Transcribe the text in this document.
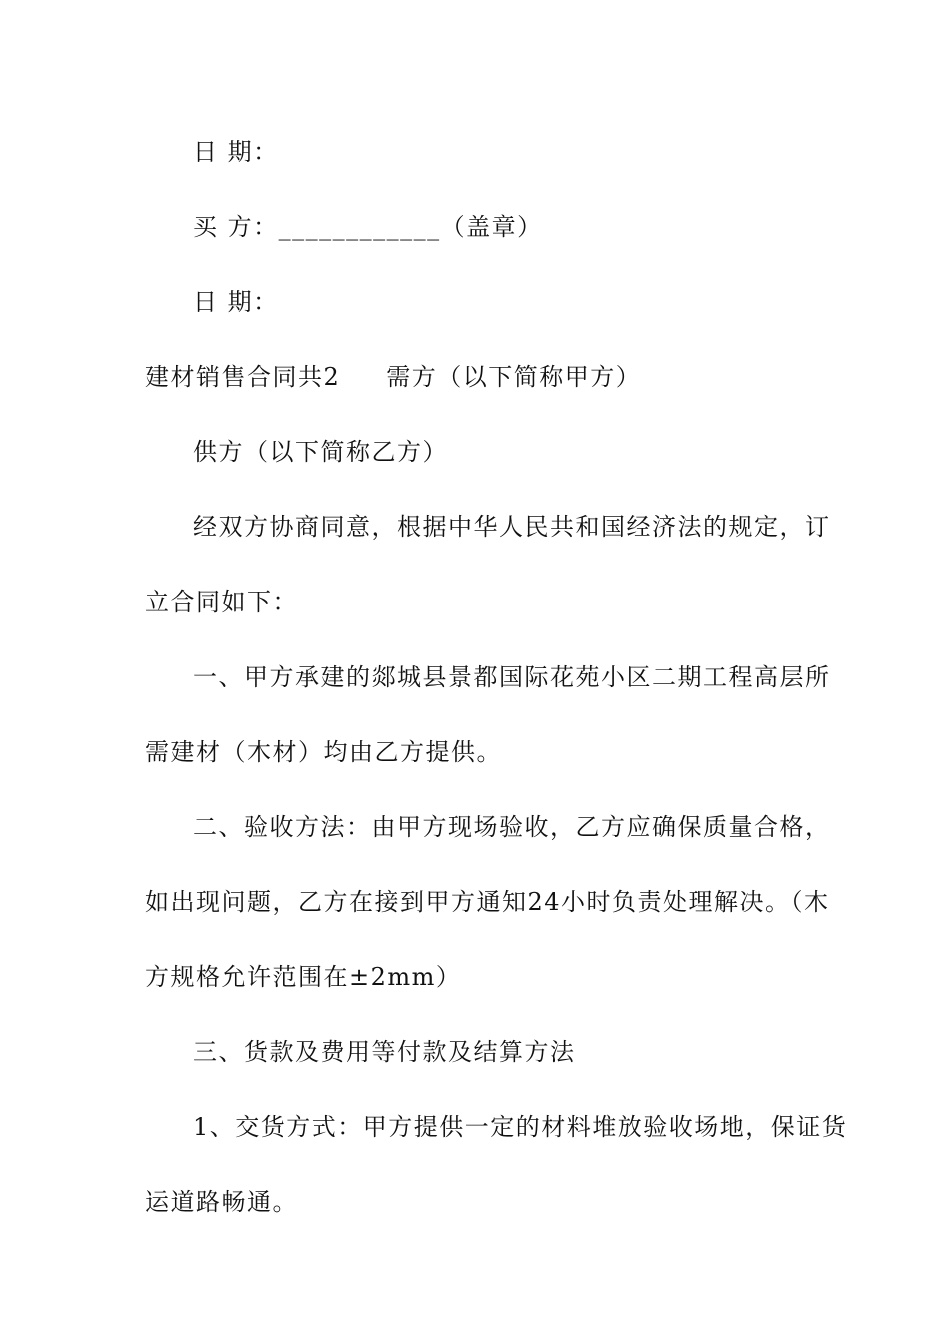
日 期：
买 方：____________（盖章）
日 期：
建材销售合同共2 需方（以下简称甲方）
供方（以下简称乙方）
经双方协商同意，根据中华人民共和国经济法的规定，订
立合同如下：
一、甲方承建的郯城县景都国际花苑小区二期工程高层所
需建材（木材）均由乙方提供。
二、验收方法：由甲方现场验收，乙方应确保质量合格，
如出现问题，乙方在接到甲方通知24小时负责处理解决。（木
方规格允许范围在±2mm）
三、货款及费用等付款及结算方法
1、交货方式：甲方提供一定的材料堆放验收场地，保证货
运道路畅通。
